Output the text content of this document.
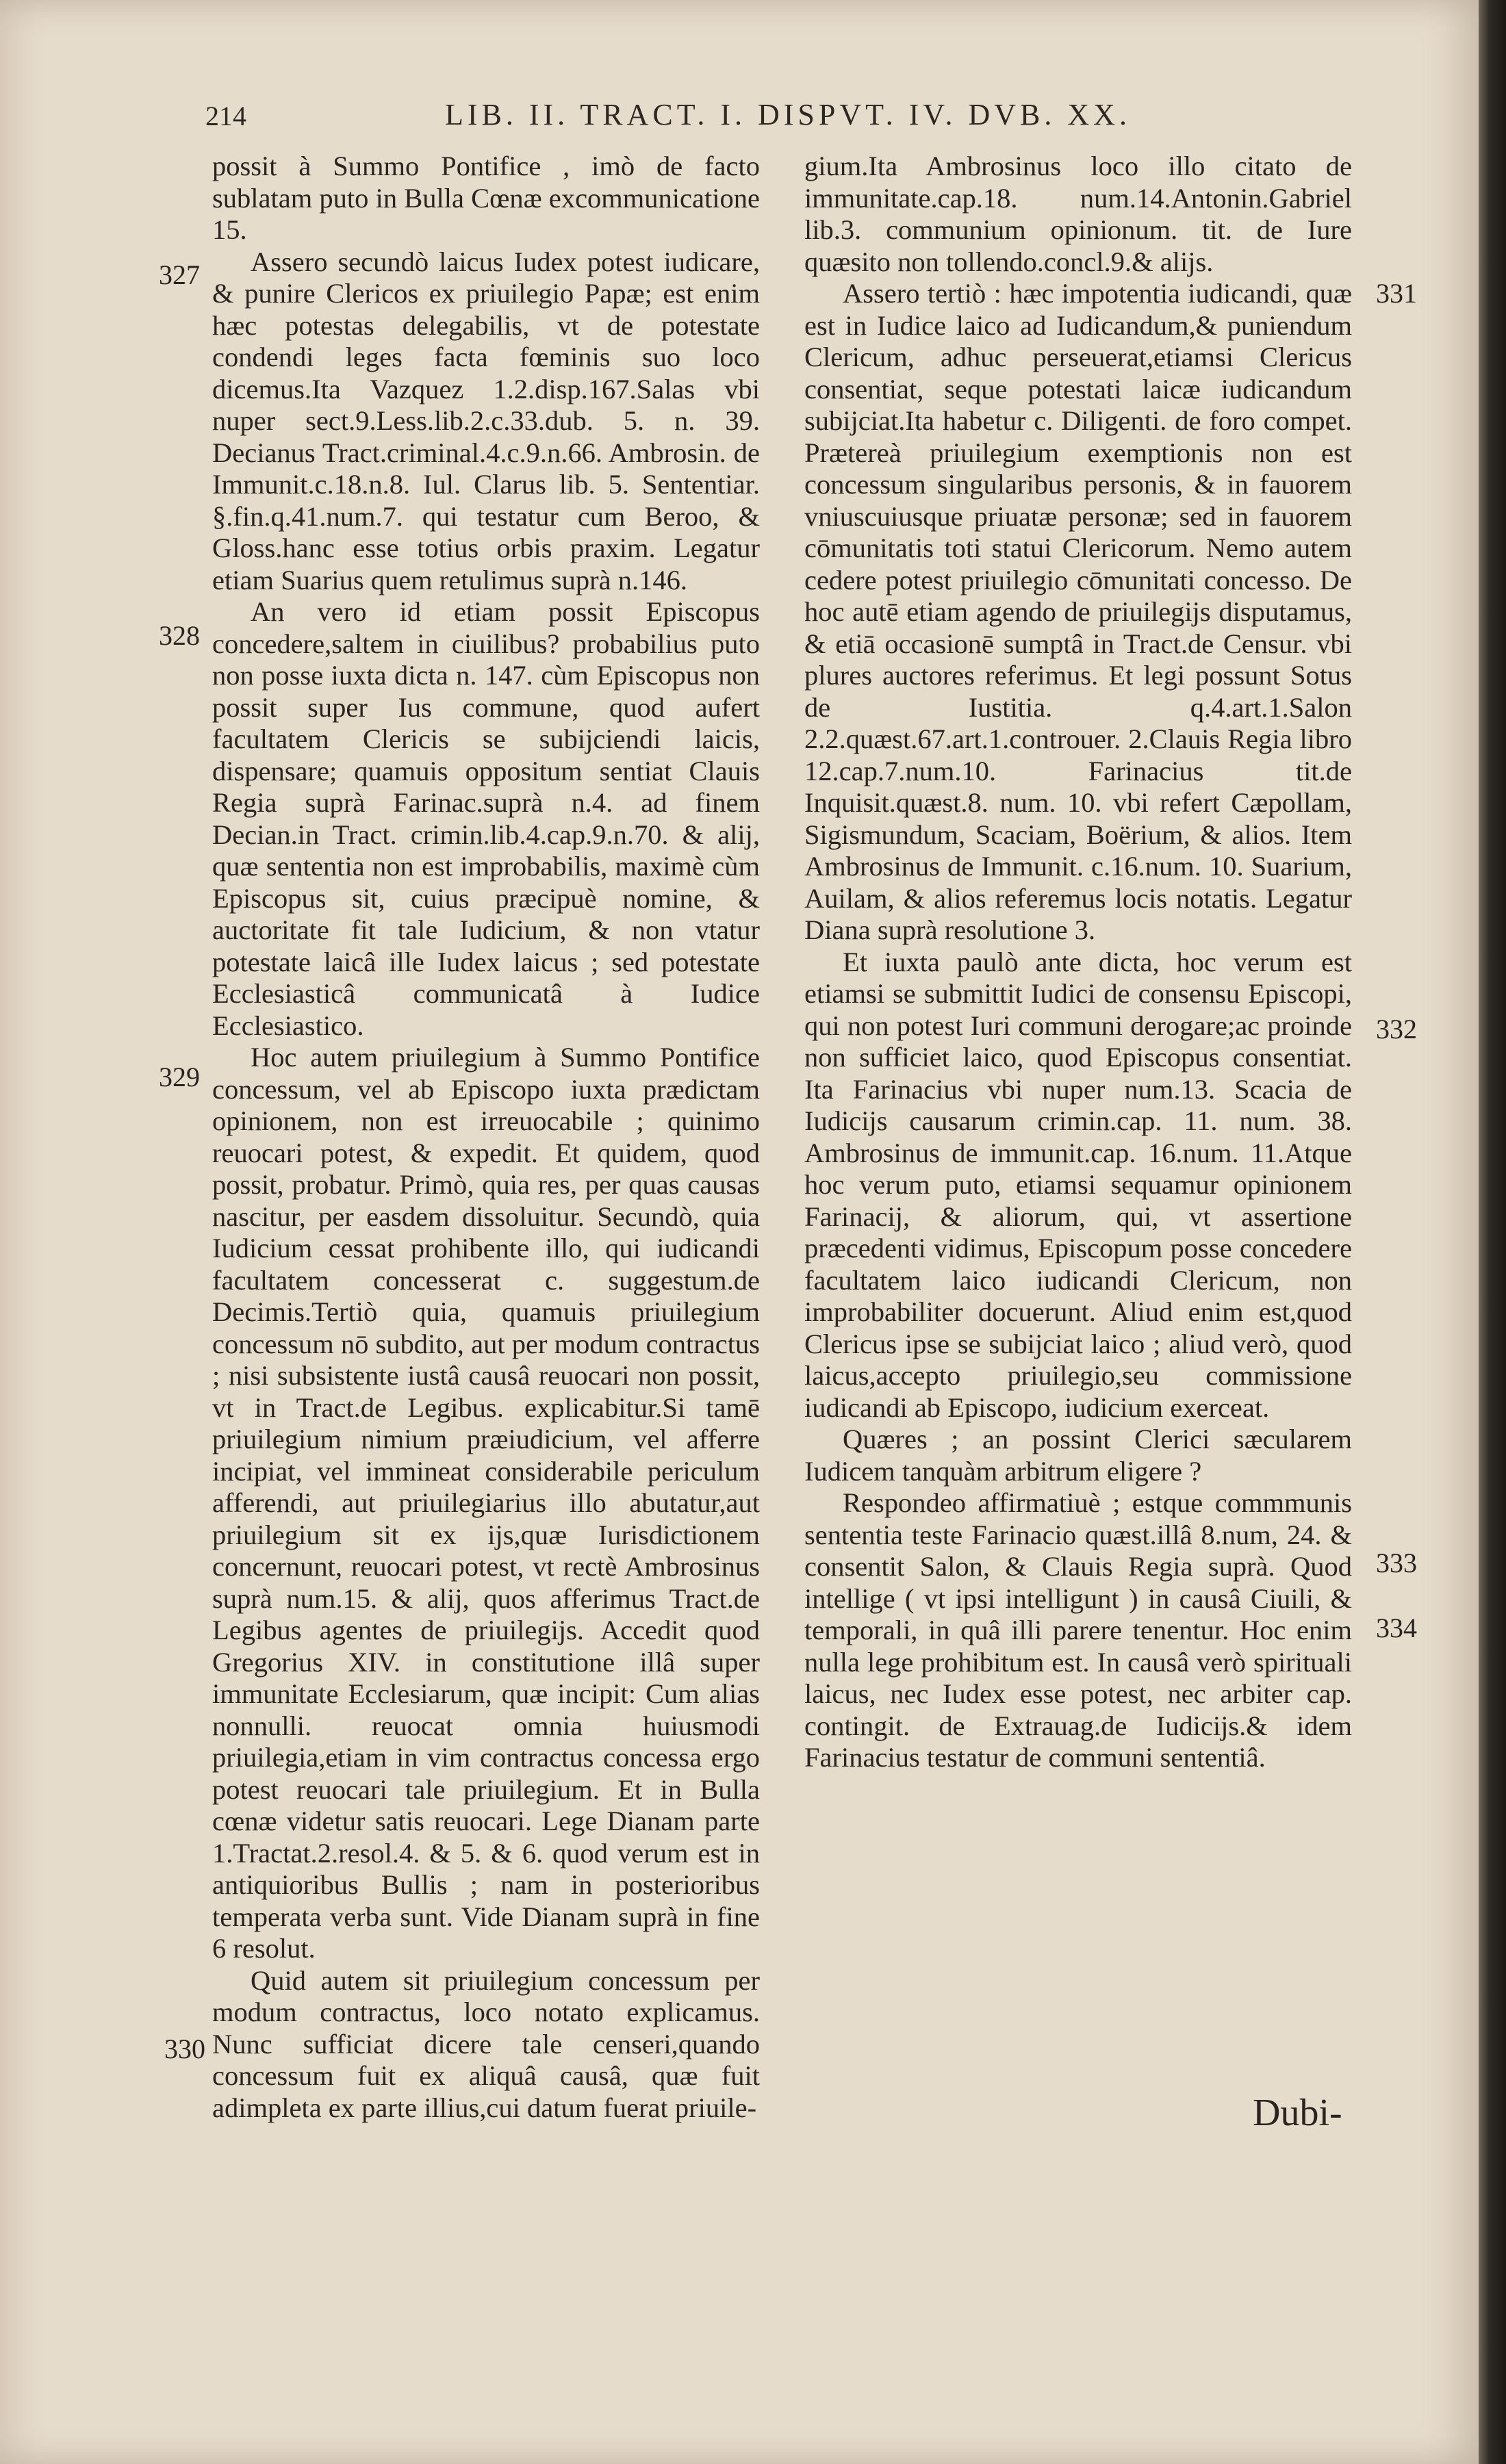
214	LIB. II. TRACT. I. DISPVT. IV. DVB. XX.

possit à Summo Pontifice , imò de facto sublatam puto in Bulla Cœnæ excommunicatione 15.

Assero secundò laicus Iudex potest iudicare, & punire Clericos ex priuilegio Papæ; est enim hæc potestas delegabilis, vt de potestate condendi leges facta fœminis suo loco dicemus.Ita Vazquez 1.2.disp.167.Salas vbi nuper sect.9.Less.lib.2.c.33.dub. 5. n. 39. Decianus Tract.criminal.4.c.9.n.66. Ambrosin. de Immunit.c.18.n.8. Iul. Clarus lib. 5. Sententiar. §.fin.q.41.num.7. qui testatur cum Beroo, & Gloss.hanc esse totius orbis praxim. Legatur etiam Suarius quem retulimus suprà n.146.

An vero id etiam possit Episcopus concedere,saltem in ciuilibus? probabilius puto non posse iuxta dicta n. 147. cùm Episcopus non possit super Ius commune, quod aufert facultatem Clericis se subijciendi laicis, dispensare; quamuis oppositum sentiat Clauis Regia suprà Farinac.suprà n.4. ad finem Decian.in Tract. crimin.lib.4.cap.9.n.70. & alij, quæ sententia non est improbabilis, maximè cùm Episcopus sit, cuius præcipuè nomine, & auctoritate fit tale Iudicium, & non vtatur potestate laicâ ille Iudex laicus ; sed potestate Ecclesiasticâ communicatâ à Iudice Ecclesiastico.

Hoc autem priuilegium à Summo Pontifice concessum, vel ab Episcopo iuxta prædictam opinionem, non est irreuocabile ; quinimo reuocari potest, & expedit. Et quidem, quod possit, probatur. Primò, quia res, per quas causas nascitur, per easdem dissoluitur. Secundò, quia Iudicium cessat prohibente illo, qui iudicandi facultatem concesserat c. suggestum.de Decimis.Tertiò quia, quamuis priuilegium concessum nō subdito, aut per modum contractus ; nisi subsistente iustâ causâ reuocari non possit, vt in Tract.de Legibus. explicabitur.Si tamē priuilegium nimium præiudicium, vel afferre incipiat, vel immineat considerabile periculum afferendi, aut priuilegiarius illo abutatur,aut priuilegium sit ex ijs,quæ Iurisdictionem concernunt, reuocari potest, vt rectè Ambrosinus suprà num.15. & alij, quos afferimus Tract.de Legibus agentes de priuilegijs. Accedit quod Gregorius XIV. in constitutione illâ super immunitate Ecclesiarum, quæ incipit: Cum alias nonnulli. reuocat omnia huiusmodi priuilegia,etiam in vim contractus concessa ergo potest reuocari tale priuilegium. Et in Bulla cœnæ videtur satis reuocari. Lege Dianam parte 1.Tractat.2.resol.4. & 5. & 6. quod verum est in antiquioribus Bullis ; nam in posterioribus temperata verba sunt. Vide Dianam suprà in fine 6 resolut.

Quid autem sit priuilegium concessum per modum contractus, loco notato explicamus. Nunc sufficiat dicere tale censeri,quando concessum fuit ex aliquâ causâ, quæ fuit adimpleta ex parte illius,cui datum fuerat priuile-

gium.Ita Ambrosinus loco illo citato de immunitate.cap.18. num.14.Antonin.Gabriel lib.3. communium opinionum. tit. de Iure quæsito non tollendo.concl.9.& alijs.

Assero tertiò : hæc impotentia iudicandi, quæ est in Iudice laico ad Iudicandum,& puniendum Clericum, adhuc perseuerat,etiamsi Clericus consentiat, seque potestati laicæ iudicandum subijciat.Ita habetur c. Diligenti. de foro compet. Prætereà priuilegium exemptionis non est concessum singularibus personis, & in fauorem vniuscuiusque priuatæ personæ; sed in fauorem cōmunitatis toti statui Clericorum. Nemo autem cedere potest priuilegio cōmunitati concesso. De hoc autē etiam agendo de priuilegijs disputamus, & etiā occasionē sumptâ in Tract.de Censur. vbi plures auctores referimus. Et legi possunt Sotus de Iustitia. q.4.art.1.Salon 2.2.quæst.67.art.1.controuer. 2.Clauis Regia libro 12.cap.7.num.10. Farinacius tit.de Inquisit.quæst.8. num. 10. vbi refert Cæpollam, Sigismundum, Scaciam, Boërium, & alios. Item Ambrosinus de Immunit. c.16.num. 10. Suarium, Auilam, & alios referemus locis notatis. Legatur Diana suprà resolutione 3.

Et iuxta paulò ante dicta, hoc verum est etiamsi se submittit Iudici de consensu Episcopi, qui non potest Iuri communi derogare;ac proinde non sufficiet laico, quod Episcopus consentiat. Ita Farinacius vbi nuper num.13. Scacia de Iudicijs causarum crimin.cap. 11. num. 38. Ambrosinus de immunit.cap. 16.num. 11.Atque hoc verum puto, etiamsi sequamur opinionem Farinacij, & aliorum, qui, vt assertione præcedenti vidimus, Episcopum posse concedere facultatem laico iudicandi Clericum, non improbabiliter docuerunt. Aliud enim est,quod Clericus ipse se subijciat laico ; aliud verò, quod laicus,accepto priuilegio,seu commissione iudicandi ab Episcopo, iudicium exerceat.

Quæres ; an possint Clerici sæcularem Iudicem tanquàm arbitrum eligere ?

Respondeo affirmatiuè ; estque commmunis sententia teste Farinacio quæst.illâ 8.num, 24. & consentit Salon, & Clauis Regia suprà. Quod intellige ( vt ipsi intelligunt ) in causâ Ciuili, & temporali, in quâ illi parere tenentur. Hoc enim nulla lege prohibitum est. In causâ verò spirituali laicus, nec Iudex esse potest, nec arbiter cap. contingit. de Extrauag.de Iudicijs.& idem Farinacius testatur de communi sententiâ.

327
328
329
330
331
332
333
334
Dubi-
